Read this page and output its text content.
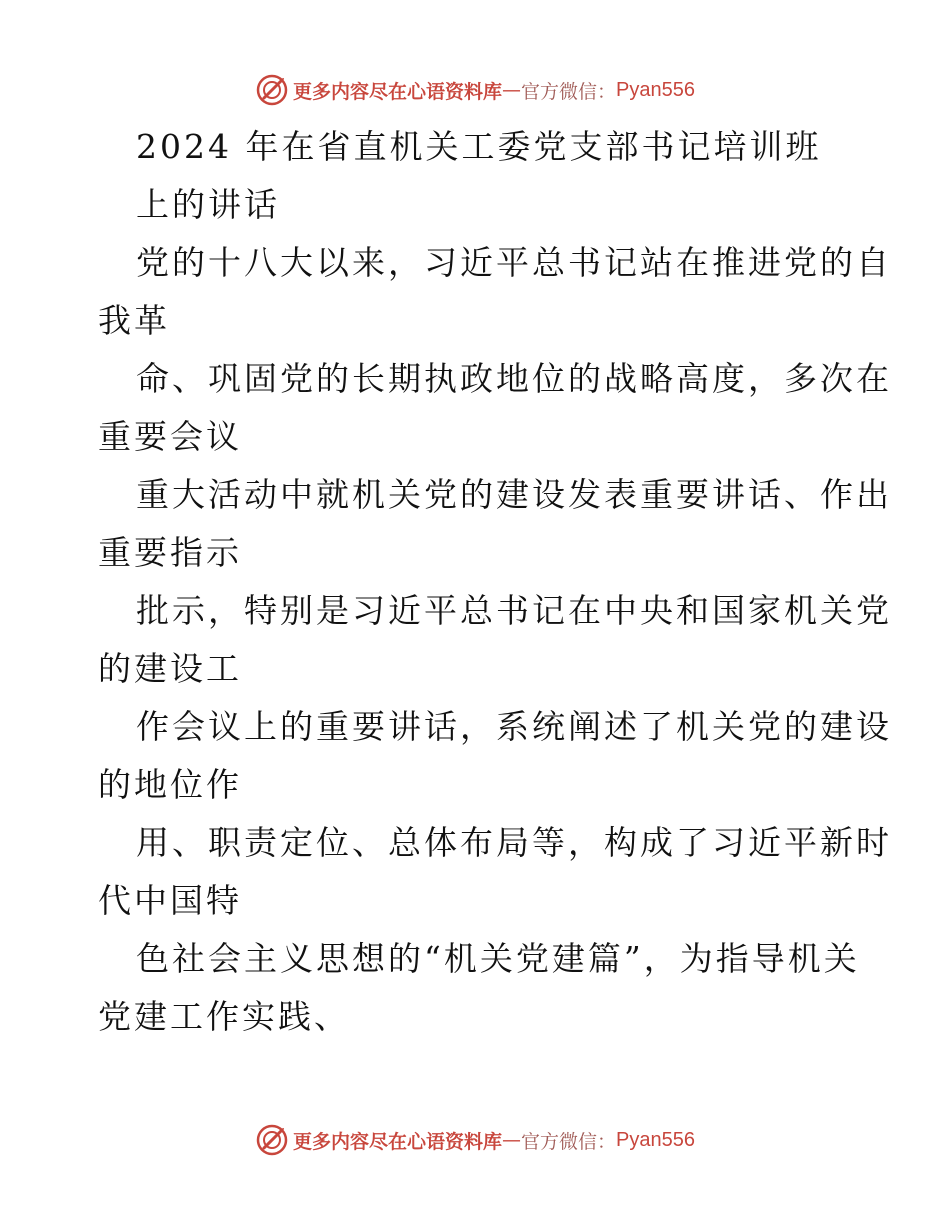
更多内容尽在心语资料库 — 官方微信： Pyan556
2024 年在省直机关工委党支部书记培训班
上的讲话
党的十八大以来，习近平总书记站在推进党的自
我革
命、巩固党的长期执政地位的战略高度，多次在
重要会议
重大活动中就机关党的建设发表重要讲话、作出
重要指示
批示，特别是习近平总书记在中央和国家机关党
的建设工
作会议上的重要讲话，系统阐述了机关党的建设
的地位作
用、职责定位、总体布局等，构成了习近平新时
代中国特
色社会主义思想的“机关党建篇”，为指导机关
党建工作实践、
更多内容尽在心语资料库 — 官方微信： Pyan556
